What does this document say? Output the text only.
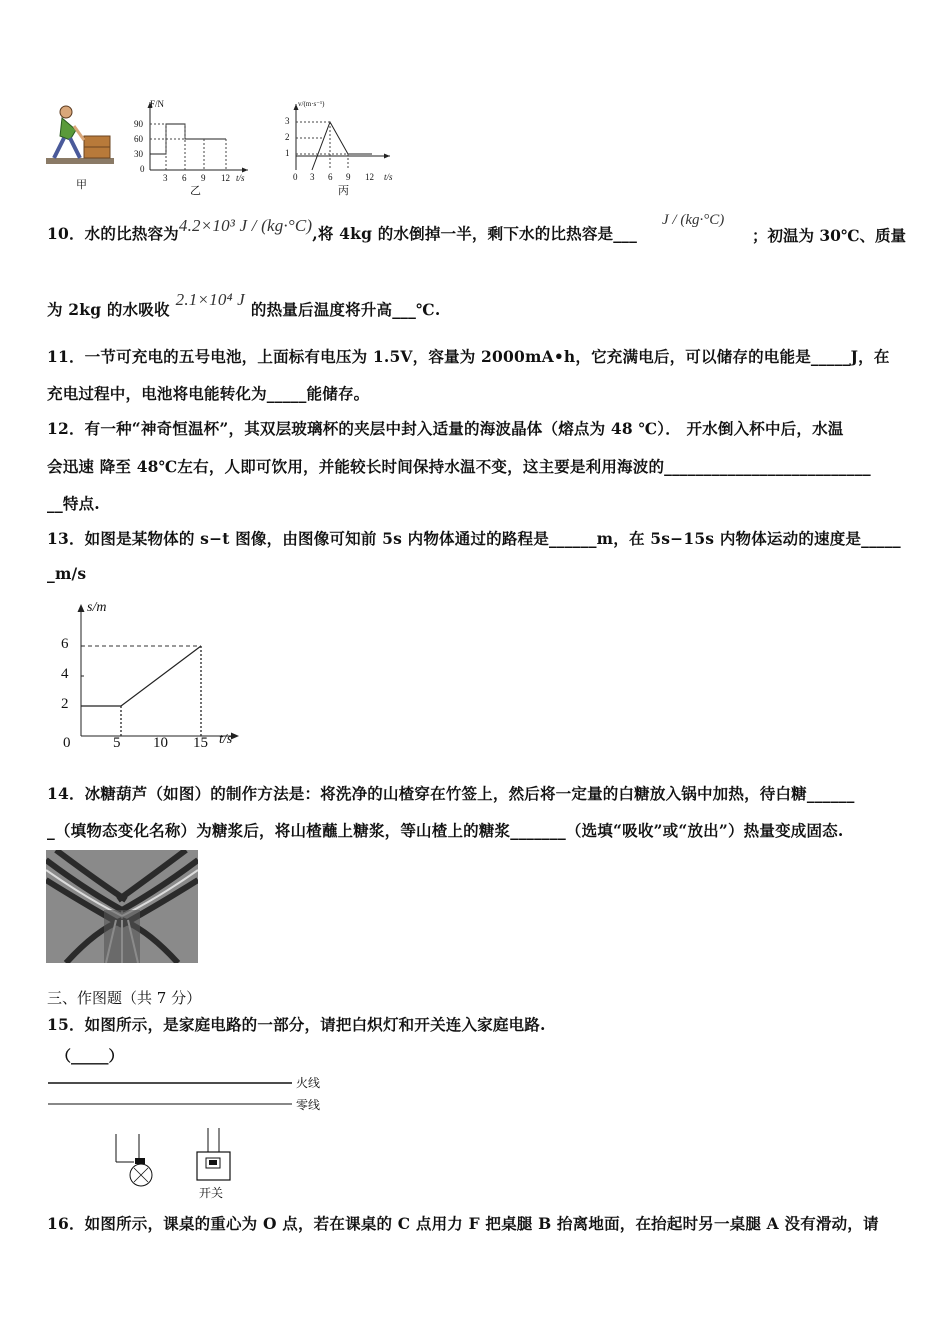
甲
F/N
90
60
30
0
3 6 9 12 t/s
乙
v/(m·s⁻¹)
3
2
1
0 3 6 9 12 t/s
丙
10．水的比热容为4.2×10³ J / (kg·°C),将 4kg 的水倒掉一半，剩下水的比热容是___
J / (kg·°C)
；初温为 30℃、质量
为 2kg 的水吸收2.1×10⁴ J的热量后温度将升高___℃.
11．一节可充电的五号电池，上面标有电压为 1.5V，容量为 2000mA•h，它充满电后，可以储存的电能是_____J，在
充电过程中，电池将电能转化为_____能储存。
12．有一种“神奇恒温杯”，其双层玻璃杯的夹层中封入适量的海波晶体（熔点为 48 ℃）． 开水倒入杯中后，水温
会迅速 降至 48℃左右，人即可饮用，并能较长时间保持水温不变，这主要是利用海波的__________________________
__特点.
13．如图是某物体的 s−t 图像，由图像可知前 5s 内物体通过的路程是______m，在 5s−15s 内物体运动的速度是_____
_m/s
s/m
t/s
6
4
2
0	5 10 15
14．冰糖葫芦（如图）的制作方法是：将洗净的山楂穿在竹签上，然后将一定量的白糖放入锅中加热，待白糖______
_（填物态变化名称）为糖浆后，将山楂蘸上糖浆，等山楂上的糖浆_______（选填“吸收”或“放出”）热量变成固态.
三、作图题（共 7 分）
15．如图所示，是家庭电路的一部分，请把白炽灯和开关连入家庭电路.
（_____）
火线
零线
开关
16．如图所示，课桌的重心为 O 点，若在课桌的 C 点用力 F 把桌腿 B 抬离地面，在抬起时另一桌腿 A 没有滑动，请
